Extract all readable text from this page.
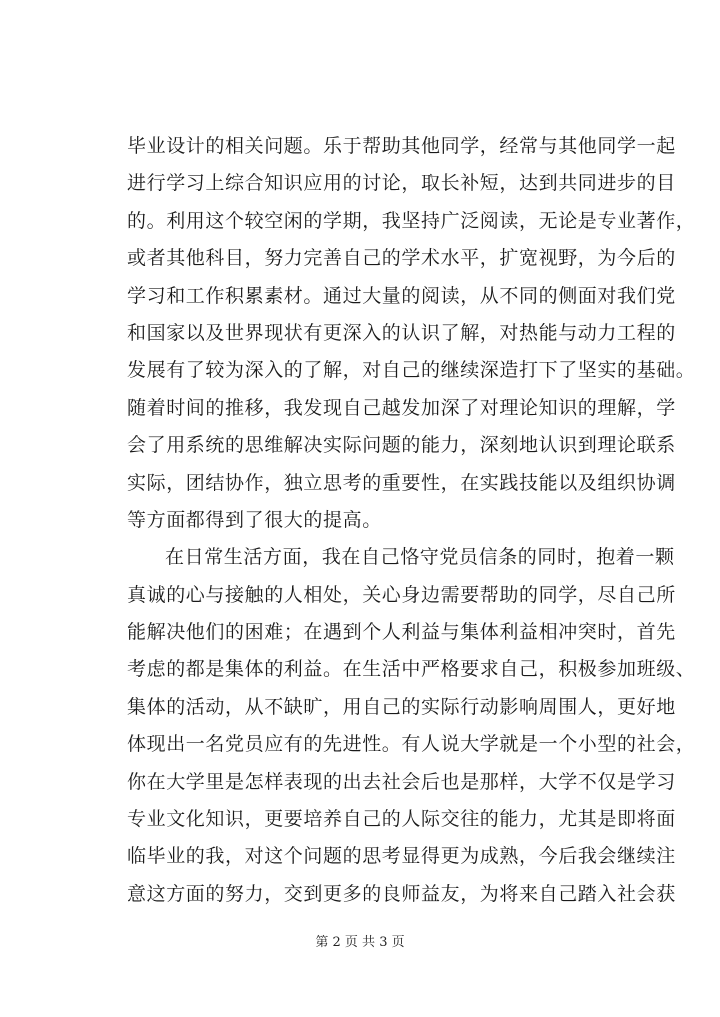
毕业设计的相关问题。乐于帮助其他同学，经常与其他同学一起
进行学习上综合知识应用的讨论，取长补短，达到共同进步的目
的。利用这个较空闲的学期，我坚持广泛阅读，无论是专业著作，
或者其他科目，努力完善自己的学术水平，扩宽视野，为今后的
学习和工作积累素材。通过大量的阅读，从不同的侧面对我们党
和国家以及世界现状有更深入的认识了解，对热能与动力工程的
发展有了较为深入的了解，对自己的继续深造打下了坚实的基础。
随着时间的推移，我发现自己越发加深了对理论知识的理解，学
会了用系统的思维解决实际问题的能力，深刻地认识到理论联系
实际，团结协作，独立思考的重要性，在实践技能以及组织协调
等方面都得到了很大的提高。
在日常生活方面，我在自己恪守党员信条的同时，抱着一颗
真诚的心与接触的人相处，关心身边需要帮助的同学，尽自己所
能解决他们的困难；在遇到个人利益与集体利益相冲突时，首先
考虑的都是集体的利益。在生活中严格要求自己，积极参加班级、
集体的活动，从不缺旷，用自己的实际行动影响周围人，更好地
体现出一名党员应有的先进性。有人说大学就是一个小型的社会，
你在大学里是怎样表现的出去社会后也是那样，大学不仅是学习
专业文化知识，更要培养自己的人际交往的能力，尤其是即将面
临毕业的我，对这个问题的思考显得更为成熟，今后我会继续注
意这方面的努力，交到更多的良师益友，为将来自己踏入社会获
第 2 页 共 3 页
